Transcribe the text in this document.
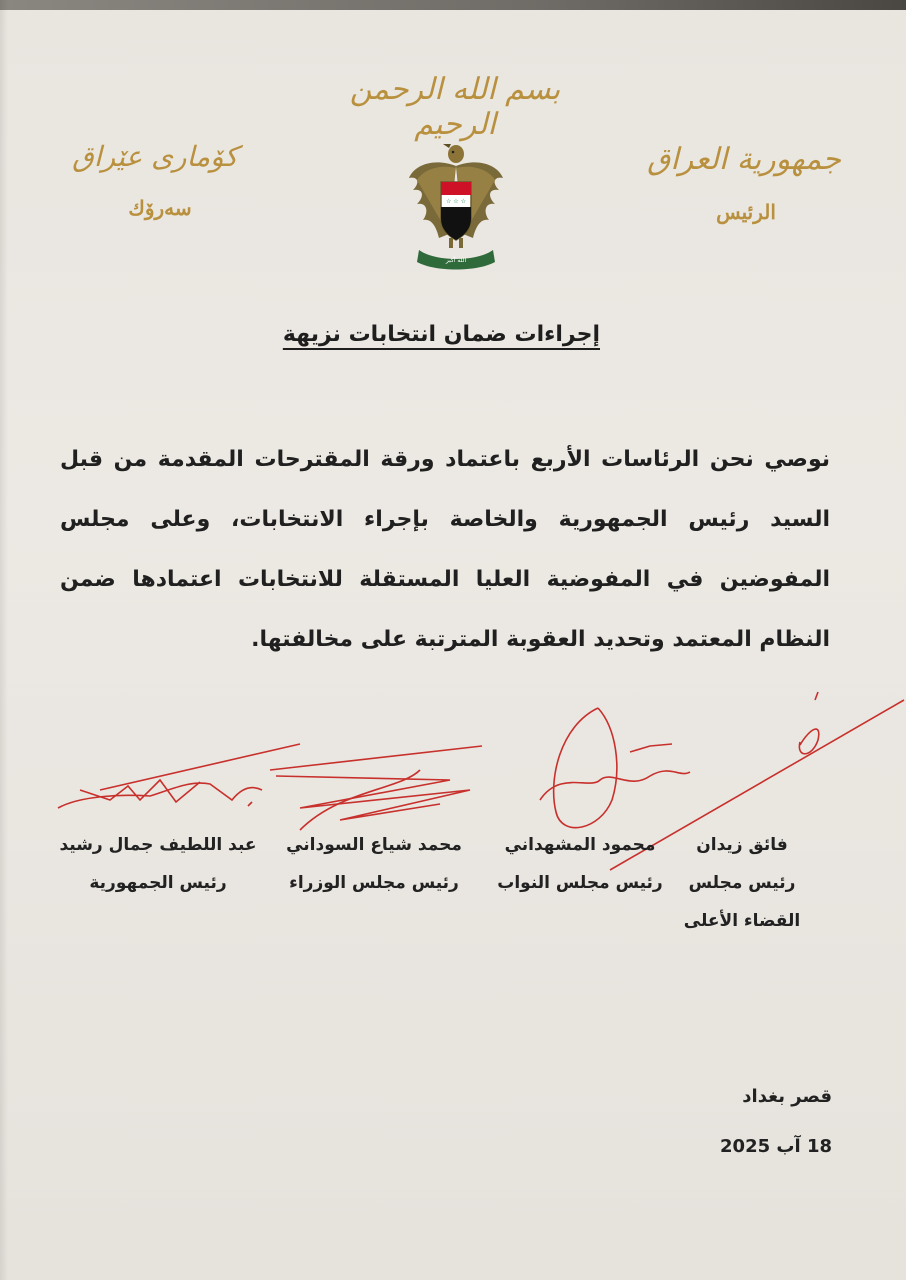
بسم الله الرحمن الرحيم
جمهورية العراق
الرئيس
كۆماری عێراق
سەرۆك	☆ ☆ ☆
الله أكبر
إجراءات ضمان انتخابات نزيهة
نوصي نحن الرئاسات الأربع باعتماد ورقة المقترحات المقدمة من قبل السيد رئيس الجمهورية والخاصة بإجراء الانتخابات، وعلى مجلس المفوضين في المفوضية العليا المستقلة للانتخابات اعتمادها ضمن النظام المعتمد وتحديد العقوبة المترتبة على مخالفتها.
فائق زيدان
رئيس مجلس
القضاء الأعلى
محمود المشهداني
رئيس مجلس النواب
محمد شياع السوداني
رئيس مجلس الوزراء
عبد اللطيف جمال رشيد
رئيس الجمهورية
قصر بغداد
18 آب 2025
